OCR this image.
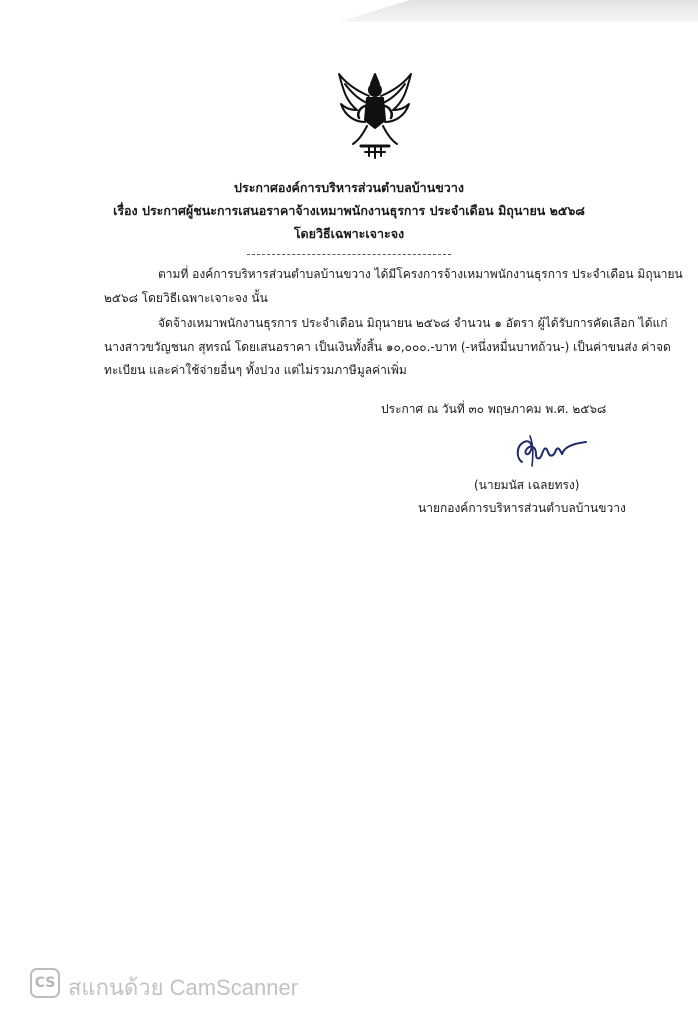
ประกาศองค์การบริหารส่วนตำบลบ้านขวาง
เรื่อง ประกาศผู้ชนะการเสนอราคาจ้างเหมาพนักงานธุรการ ประจำเดือน มิถุนายน ๒๕๖๘
โดยวิธีเฉพาะเจาะจง
ตามที่ องค์การบริหารส่วนตำบลบ้านขวาง ได้มีโครงการจ้างเหมาพนักงานธุรการ ประจำเดือน มิถุนายน
๒๕๖๘ โดยวิธีเฉพาะเจาะจง นั้น
จัดจ้างเหมาพนักงานธุรการ ประจำเดือน มิถุนายน ๒๕๖๘ จำนวน ๑ อัตรา ผู้ได้รับการคัดเลือก ได้แก่
นางสาวขวัญชนก สุทรณ์ โดยเสนอราคา เป็นเงินทั้งสิ้น ๑๐,๐๐๐.-บาท (-หนึ่งหมื่นบาทถ้วน-) เป็นค่าขนส่ง ค่าจด
ทะเบียน และค่าใช้จ่ายอื่นๆ ทั้งปวง แต่ไม่รวมภาษีมูลค่าเพิ่ม
ประกาศ ณ วันที่ ๓๐ พฤษภาคม พ.ศ. ๒๕๖๘
(นายมนัส เฉลยทรง)
นายกองค์การบริหารส่วนตำบลบ้านขวาง
CS สแกนด้วย CamScanner
